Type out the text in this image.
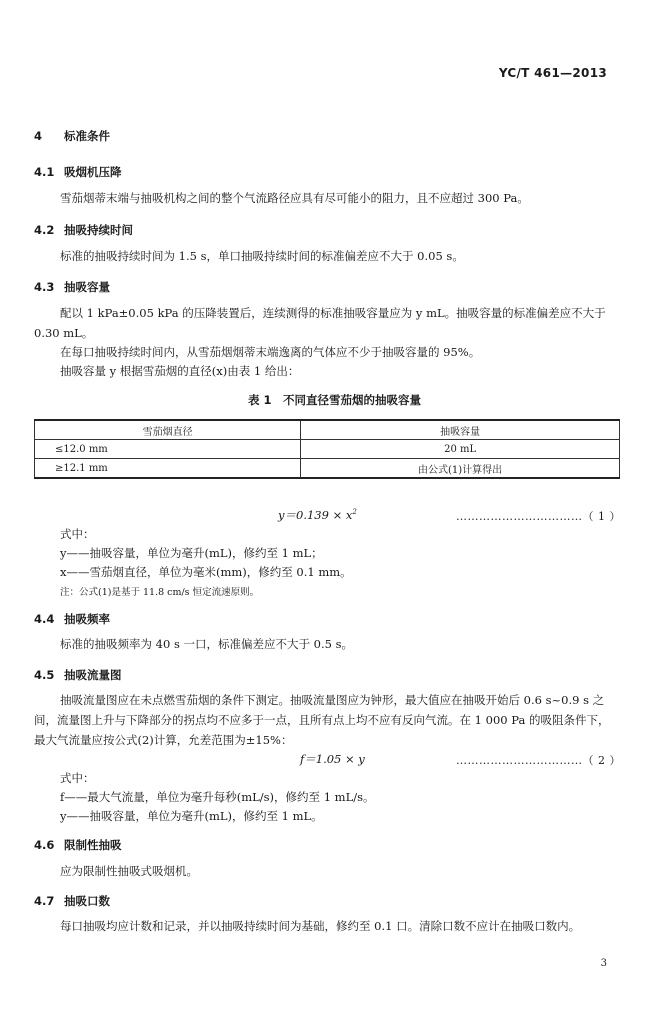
YC/T 461—2013
4 标准条件
4.1 吸烟机压降
雪茄烟蒂末端与抽吸机构之间的整个气流路径应具有尽可能小的阻力，且不应超过 300 Pa。
4.2 抽吸持续时间
标准的抽吸持续时间为 1.5 s，单口抽吸持续时间的标准偏差应不大于 0.05 s。
4.3 抽吸容量
配以 1 kPa±0.05 kPa 的压降装置后，连续测得的标准抽吸容量应为 y mL。抽吸容量的标准偏差应不大于 0.30 mL。
在每口抽吸持续时间内，从雪茄烟烟蒂末端逸离的气体应不少于抽吸容量的 95%。
抽吸容量 y 根据雪茄烟的直径(x)由表 1 给出：
表 1　不同直径雪茄烟的抽吸容量
雪茄烟直径	抽吸容量
≤12.0 mm	20 mL
≥12.1 mm	由公式(1)计算得出
$y=0.139 \times x^2$	……………………………（ 1 ）
式中：
y——抽吸容量，单位为毫升(mL)，修约至 1 mL；
x——雪茄烟直径，单位为毫米(mm)，修约至 0.1 mm。
注：公式(1)是基于 11.8 cm/s 恒定流速原则。
4.4 抽吸频率
标准的抽吸频率为 40 s 一口，标准偏差应不大于 0.5 s。
4.5 抽吸流量图
抽吸流量图应在未点燃雪茄烟的条件下测定。抽吸流量图应为钟形，最大值应在抽吸开始后 0.6 s~0.9 s 之间，流量图上升与下降部分的拐点均不应多于一点，且所有点上均不应有反向气流。在 1 000 Pa 的吸阻条件下，最大气流量应按公式(2)计算，允差范围为±15%：
f＝1.05 × y	……………………………（ 2 ）
式中：
f——最大气流量，单位为毫升每秒(mL/s)，修约至 1 mL/s。
y——抽吸容量，单位为毫升(mL)，修约至 1 mL。
4.6 限制性抽吸
应为限制性抽吸式吸烟机。
4.7 抽吸口数
每口抽吸均应计数和记录，并以抽吸持续时间为基础，修约至 0.1 口。清除口数不应计在抽吸口数内。
3
